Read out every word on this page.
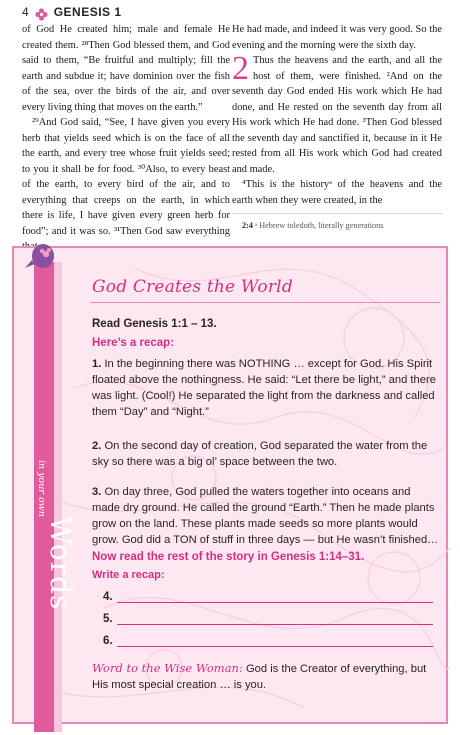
4 GENESIS 1

of God He created him; male and female He created them. ²⁸Then God blessed them, and God said to them, “Be fruitful and multiply; fill the earth and subdue it; have dominion over the fish of the sea, over the birds of the air, and over every living thing that moves on the earth.”

²⁹And God said, “See, I have given you every herb that yields seed which is on the face of all the earth, and every tree whose fruit yields seed; to you it shall be for food. ³⁰Also, to every beast of the earth, to every bird of the air, and to everything that creeps on the earth, in which there is life, I have given every green herb for food”; and it was so. ³¹Then God saw everything

He had made, and indeed it was very good. So the evening and the morning were the sixth day.

2 Thus the heavens and the earth, and all the host of them, were finished. ²And on the seventh day God ended His work which He had done, and He rested on the seventh day from all His work which He had done. ³Then God blessed the seventh day and sanctified it, because in it He rested from all His work which God had created and made.

⁴This is the historyᵃ of the heavens and the earth when they were created, in the

2:4 ᵃ Hebrew toledoth, literally generations
in your own
Words
God Creates the World
Read Genesis 1:1 – 13.
Here’s a recap:
1. In the beginning there was NOTHING … except for God. His Spirit floated above the nothingness. He said: “Let there be light,” and there was light. (Cool!) He separated the light from the darkness and called them “Day” and “Night.”
2. On the second day of creation, God separated the water from the sky so there was a big ol’ space between the two.
3. On day three, God pulled the waters together into oceans and made dry ground. He called the ground “Earth.” Then he made plants grow on the land. These plants made seeds so more plants would grow. God did a TON of stuff in three days — but He wasn’t finished…
Now read the rest of the story in Genesis 1:14–31.
Write a recap:
4.
5.
6.
Word to the Wise Woman: God is the Creator of everything, but His most special creation … is you.
